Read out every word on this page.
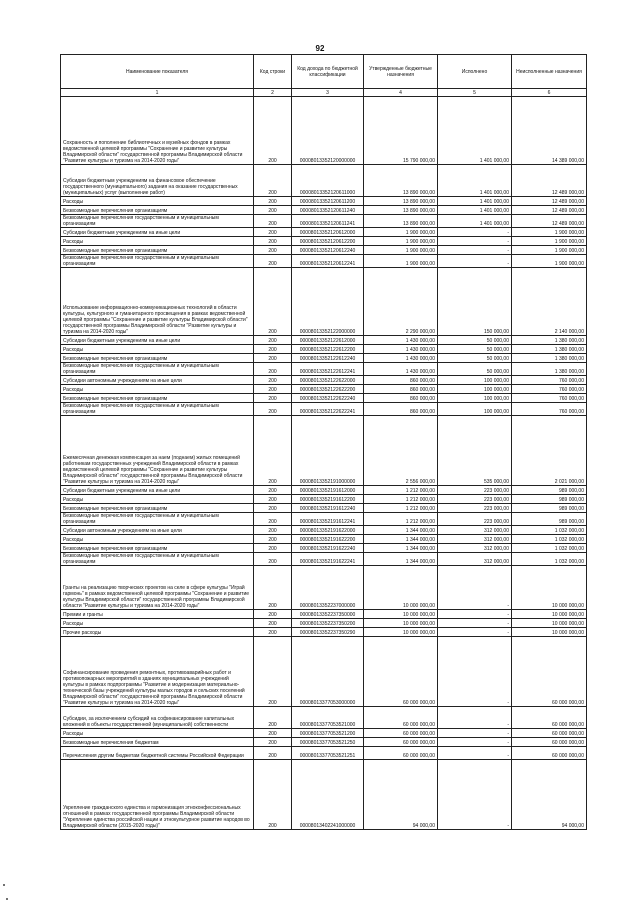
92
Наименование показателя	Код строки	Код дохода по бюджетной классификации	Утвержденные бюджетные назначения	Исполнено	Неисполненные назначения
1	2	3	4	5	6
Сохранность и пополнение библиотечных и музейных фондов в рамках ведомственной целевой программы "Сохранение и развитие культуры Владимирской области" государственной программы Владимирской области "Развитие культуры и туризма на 2014-2020 годы"	200	00008013352120000000	15 790 000,00	1 401 000,00	14 389 000,00
Субсидии бюджетным учреждениям на финансовое обеспечение государственного (муниципального) задания на оказание государственных (муниципальных) услуг (выполнение работ)	200	00008013352120611000	13 890 000,00	1 401 000,00	12 489 000,00
Расходы	200	00008013352120611200	13 890 000,00	1 401 000,00	12 489 000,00
Безвозмездные перечисления организациям	200	00008013352120611240	13 890 000,00	1 401 000,00	12 489 000,00
Безвозмездные перечисления государственным и муниципальным организациям	200	00008013352120611241	13 890 000,00	1 401 000,00	12 489 000,00
Субсидии бюджетным учреждениям на иные цели	200	00008013352120612000	1 900 000,00	-	1 900 000,00
Расходы	200	00008013352120612200	1 900 000,00	-	1 900 000,00
Безвозмездные перечисления организациям	200	00008013352120612240	1 900 000,00	-	1 900 000,00
Безвозмездные перечисления государственным и муниципальным организациям	200	00008013352120612241	1 900 000,00	-	1 900 000,00
Использование информационно-коммуникационных технологий в области культуры, культурного и гуманитарного просвещения в рамках ведомственной целевой программы "Сохранение и развитие культуры Владимирской области" государственной программы Владимирской области "Развитие культуры и туризма на 2014-2020 годы"	200	00008013352122000000	2 290 000,00	150 000,00	2 140 000,00
Субсидии бюджетным учреждениям на иные цели	200	00008013352122612000	1 430 000,00	50 000,00	1 380 000,00
Расходы	200	00008013352122612200	1 430 000,00	50 000,00	1 380 000,00
Безвозмездные перечисления организациям	200	00008013352122612240	1 430 000,00	50 000,00	1 380 000,00
Безвозмездные перечисления государственным и муниципальным организациям	200	00008013352122612241	1 430 000,00	50 000,00	1 380 000,00
Субсидии автономным учреждениям на иные цели	200	00008013352122622000	860 000,00	100 000,00	760 000,00
Расходы	200	00008013352122622200	860 000,00	100 000,00	760 000,00
Безвозмездные перечисления организациям	200	00008013352122622240	860 000,00	100 000,00	760 000,00
Безвозмездные перечисления государственным и муниципальным организациям	200	00008013352122622241	860 000,00	100 000,00	760 000,00
Ежемесячная денежная компенсация за наем (поднаем) жилых помещений работникам государственных учреждений Владимирской области в рамках ведомственной целевой программы "Сохранение и развитие культуры Владимирской области" государственной программы Владимирской области "Развитие культуры и туризма на 2014-2020 годы"	200	00008013352191000000	2 556 000,00	535 000,00	2 021 000,00
Субсидии бюджетным учреждениям на иные цели	200	00008013352191612000	1 212 000,00	223 000,00	989 000,00
Расходы	200	00008013352191612200	1 212 000,00	223 000,00	989 000,00
Безвозмездные перечисления организациям	200	00008013352191612240	1 212 000,00	223 000,00	989 000,00
Безвозмездные перечисления государственным и муниципальным организациям	200	00008013352191612241	1 212 000,00	223 000,00	989 000,00
Субсидии автономным учреждениям на иные цели	200	00008013352191622000	1 344 000,00	312 000,00	1 032 000,00
Расходы	200	00008013352191622200	1 344 000,00	312 000,00	1 032 000,00
Безвозмездные перечисления организациям	200	00008013352191622240	1 344 000,00	312 000,00	1 032 000,00
Безвозмездные перечисления государственным и муниципальным организациям	200	00008013352191622241	1 344 000,00	312 000,00	1 032 000,00
Гранты на реализацию творческих проектов на селе в сфере культуры "Играй гармонь" в рамках ведомственной целевой программы "Сохранение и развитие культуры Владимирской области" государственной программы Владимирской области "Развитие культуры и туризма на 2014-2020 годы"	200	00008013352237000000	10 000 000,00	-	10 000 000,00
Премии и гранты	200	00008013352237350000	10 000 000,00	-	10 000 000,00
Расходы	200	00008013352237350200	10 000 000,00	-	10 000 000,00
Прочие расходы	200	00008013352237350290	10 000 000,00	-	10 000 000,00
Софинансирование проведения ремонтных, противоаварийных работ и противопожарных мероприятий в зданиях муниципальных учреждений культуры в рамках подпрограммы "Развитие и модернизация материально-технической базы учреждений культуры малых городов и сельских поселений Владимирской области" государственной программы Владимирской области "Развитие культуры и туризма на 2014-2020 годы"	200	00008013377053000000	60 000 000,00	-	60 000 000,00
Субсидии, за исключением субсидий на софинансирование капитальных вложений в объекты государственной (муниципальной) собственности	200	00008013377053521000	60 000 000,00	-	60 000 000,00
Расходы	200	00008013377053521200	60 000 000,00	-	60 000 000,00
Безвозмездные перечисления бюджетам	200	00008013377053521250	60 000 000,00	-	60 000 000,00
Перечисления другим бюджетам бюджетной системы Российской Федерации	200	00008013377053521251	60 000 000,00	-	60 000 000,00
Укрепление гражданского единства и гармонизация этноконфессиональных отношений в рамках государственной программы Владимирской области "Укрепление единства российской нации и этнокультурное развитие народов во Владимирской области (2015-2020 годы)"	200	00008013402241000000	94 000,00	-	94 000,00
